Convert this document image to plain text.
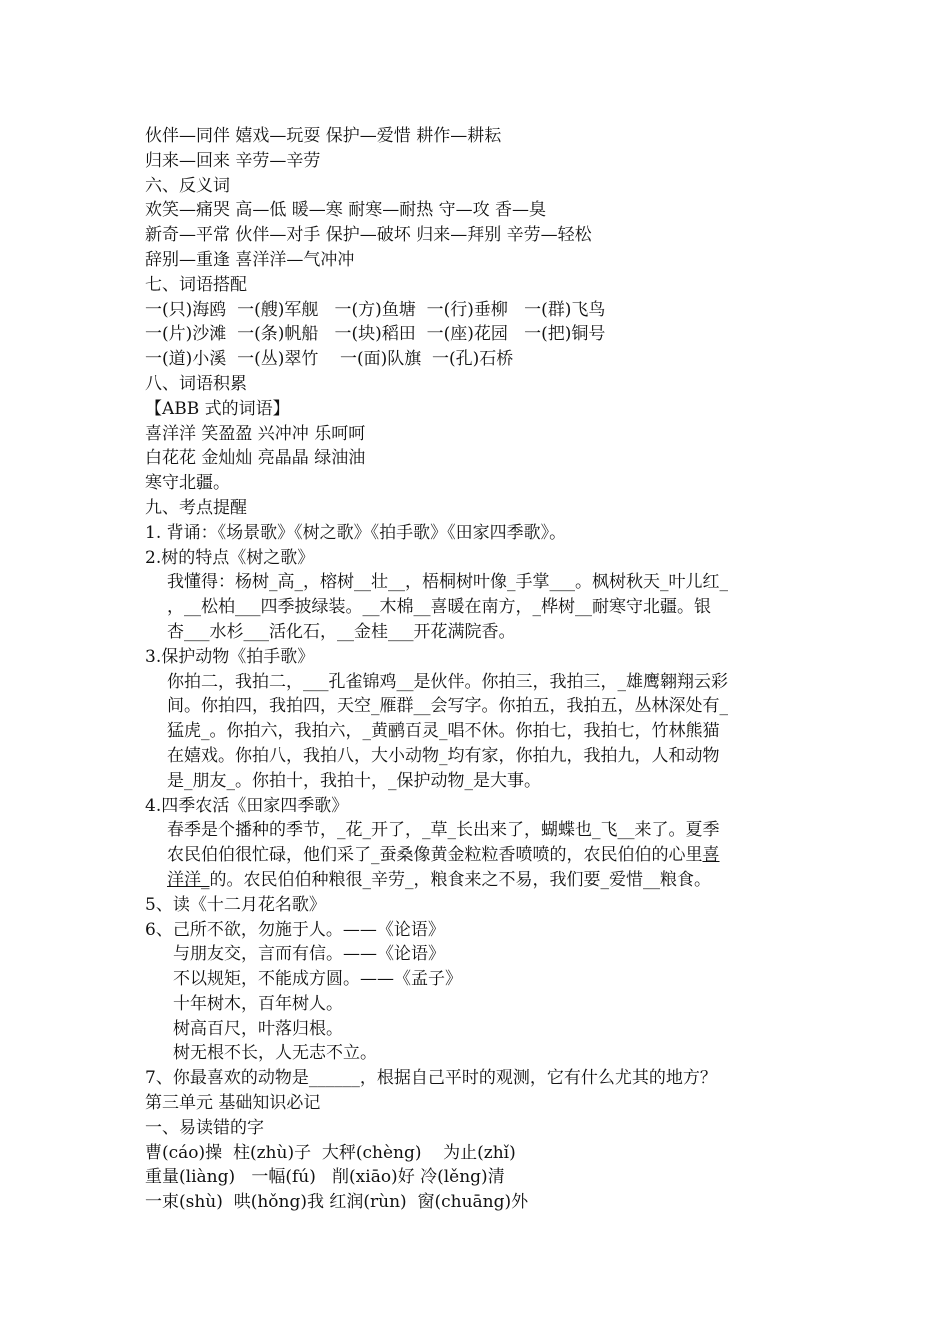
伙伴—同伴 嬉戏—玩耍 保护—爱惜 耕作—耕耘
归来—回来 辛劳—辛劳
六、反义词
欢笑—痛哭 高—低 暖—寒 耐寒—耐热 守—攻 香—臭
新奇—平常 伙伴—对手 保护—破坏 归来—拜别 辛劳—轻松
辞别—重逢 喜洋洋—气冲冲
七、词语搭配
一(只)海鸥  一(艘)军舰   一(方)鱼塘  一(行)垂柳   一(群)飞鸟
一(片)沙滩  一(条)帆船   一(块)稻田  一(座)花园   一(把)铜号
一(道)小溪  一(丛)翠竹    一(面)队旗  一(孔)石桥
八、词语积累
【ABB 式的词语】
喜洋洋 笑盈盈 兴冲冲 乐呵呵
白花花 金灿灿 亮晶晶 绿油油
寒守北疆。
九、考点提醒
1. 背诵：《场景歌》《树之歌》《拍手歌》《田家四季歌》。
2.树的特点《树之歌》
我懂得：杨树_高_，榕树__壮__，梧桐树叶像_手掌___。枫树秋天_叶儿红_
，__松柏___四季披绿装。__木棉__喜暖在南方，_桦树__耐寒守北疆。银
杏___水杉___活化石，__金桂___开花满院香。
3.保护动物《拍手歌》
你拍二，我拍二，___孔雀锦鸡__是伙伴。你拍三，我拍三，_雄鹰翱翔云彩
间。你拍四，我拍四，天空_雁群__会写字。你拍五，我拍五，丛林深处有_
猛虎_。你拍六，我拍六，_黄鹂百灵_唱不休。你拍七，我拍七，竹林熊猫
在嬉戏。你拍八，我拍八，大小动物_均有家，你拍九，我拍九，人和动物
是_朋友_。你拍十，我拍十，_保护动物_是大事。
4.四季农活《田家四季歌》
春季是个播种的季节，_花_开了，_草_长出来了，蝴蝶也_飞__来了。夏季
农民伯伯很忙碌，他们采了_蚕桑像黄金粒粒香喷喷的，农民伯伯的心里喜
洋洋_的。农民伯伯种粮很_辛劳_，粮食来之不易，我们要_爱惜__粮食。
5、读《十二月花名歌》
6、己所不欲，勿施于人。——《论语》
与朋友交，言而有信。——《论语》
不以规矩，不能成方圆。——《孟子》
十年树木，百年树人。
树高百尺，叶落归根。
树无根不长，人无志不立。
7、你最喜欢的动物是______，根据自己平时的观测，它有什么尤其的地方？
第三单元 基础知识必记
一、易读错的字
曹(cáo)操  柱(zhù)子  大秤(chèng)    为止(zhǐ)
重量(liàng)   一幅(fú)   削(xiāo)好 冷(lěng)清
一束(shù)  哄(hǒng)我 红润(rùn)  窗(chuāng)外
